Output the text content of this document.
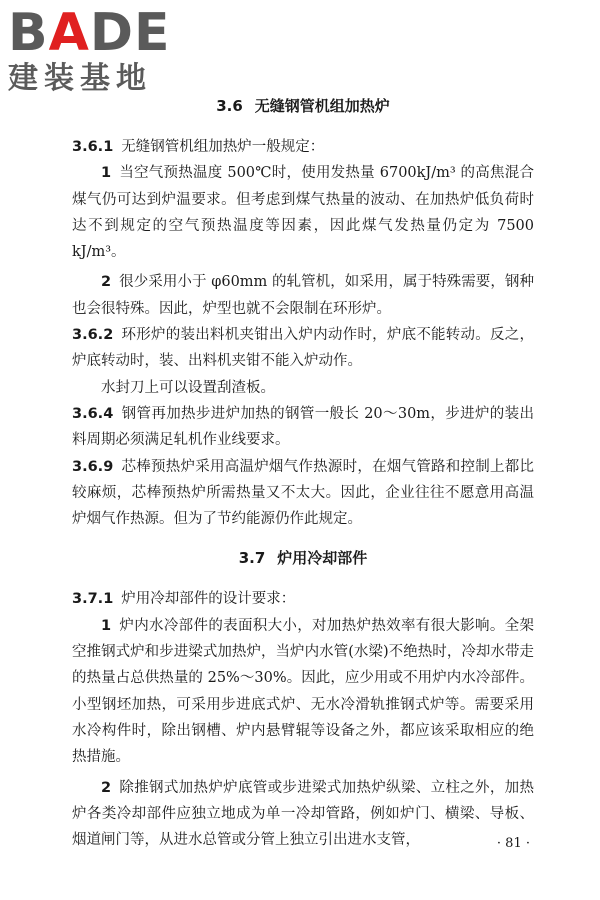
B A DE
建装基地
3.6 无缝钢管机组加热炉

3.6.1 无缝钢管机组加热炉一般规定：

1 当空气预热温度 500℃时，使用发热量 6700kJ/m³ 的高焦混合煤气仍可达到炉温要求。但考虑到煤气热量的波动、在加热炉低负荷时达不到规定的空气预热温度等因素，因此煤气发热量仍定为 7500 kJ/m³。

2 很少采用小于 φ60mm 的轧管机，如采用，属于特殊需要，钢种也会很特殊。因此，炉型也就不会限制在环形炉。

3.6.2 环形炉的装出料机夹钳出入炉内动作时，炉底不能转动。反之，炉底转动时，装、出料机夹钳不能入炉动作。

水封刀上可以设置刮渣板。

3.6.4 钢管再加热步进炉加热的钢管一般长 20～30m，步进炉的装出料周期必须满足轧机作业线要求。

3.6.9 芯棒预热炉采用高温炉烟气作热源时，在烟气管路和控制上都比较麻烦，芯棒预热炉所需热量又不太大。因此，企业往往不愿意用高温炉烟气作热源。但为了节约能源仍作此规定。

3.7 炉用冷却部件

3.7.1 炉用冷却部件的设计要求：

1 炉内水冷部件的表面积大小，对加热炉热效率有很大影响。全架空推钢式炉和步进梁式加热炉，当炉内水管(水梁)不绝热时，冷却水带走的热量占总供热量的 25%～30%。因此，应少用或不用炉内水冷部件。小型钢坯加热，可采用步进底式炉、无水冷滑轨推钢式炉等。需要采用水冷构件时，除出钢槽、炉内悬臂辊等设备之外，都应该采取相应的绝热措施。

2 除推钢式加热炉炉底管或步进梁式加热炉纵梁、立柱之外，加热炉各类冷却部件应独立地成为单一冷却管路，例如炉门、横梁、导板、烟道闸门等，从进水总管或分管上独立引出进水支管，	· 81 ·
